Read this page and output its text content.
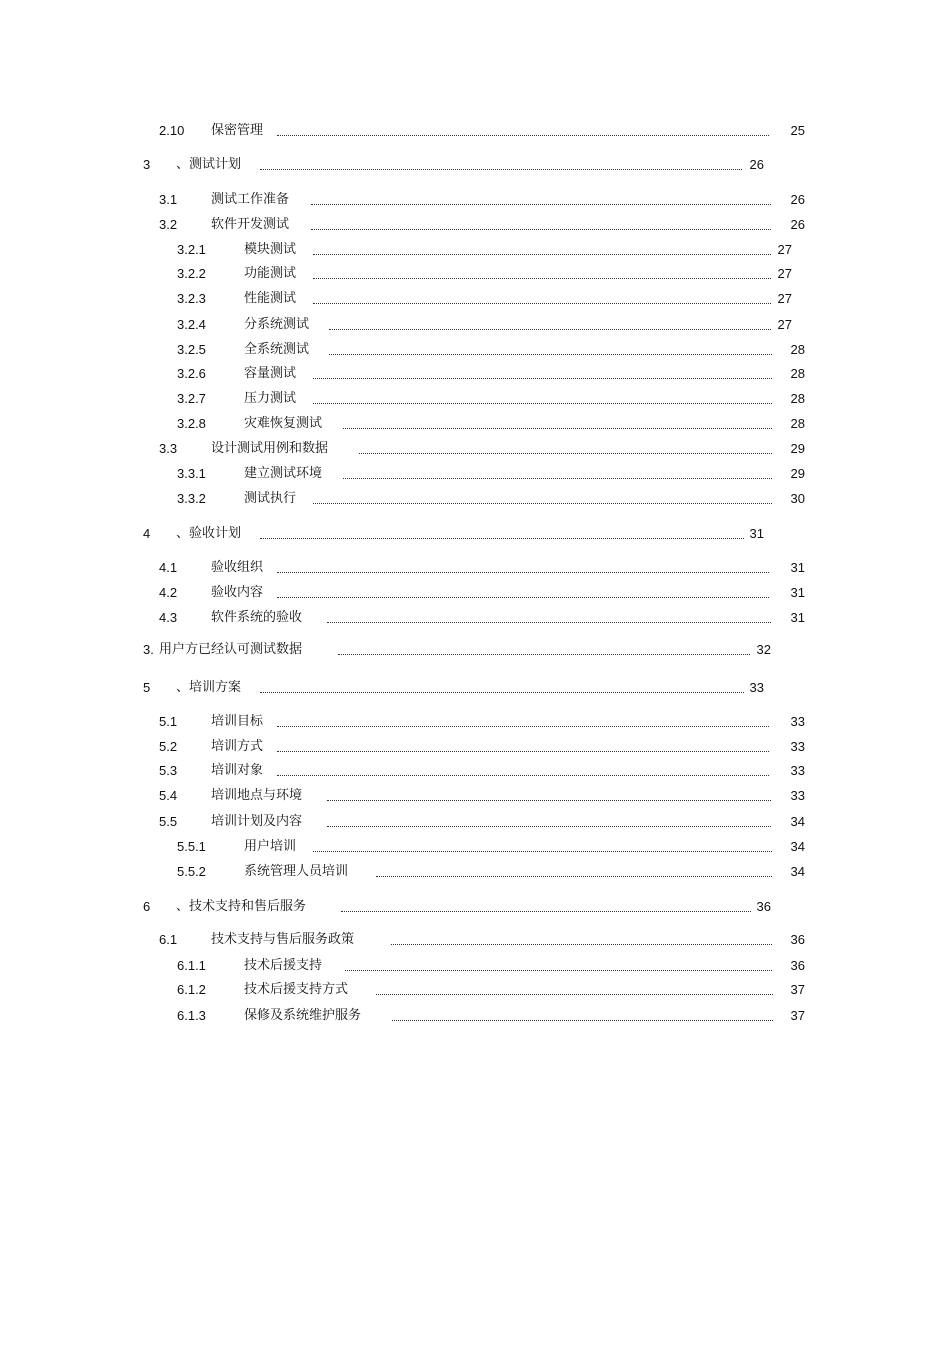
2.10 保密管理	25
3 、测试计划	26
3.1	测试工作准备	26
3.2	软件开发测试	26
3.2.1	模块测试	27
3.2.2	功能测试	27
3.2.3	性能测试	27
3.2.4	分系统测试	27
3.2.5	全系统测试	28
3.2.6	容量测试	28
3.2.7	压力测试	28
3.2.8	灾难恢复测试	28
3.3	设计测试用例和数据	29
3.3.1	建立测试环境	29
3.3.2	测试执行	30
4 、验收计划	31
4.1	验收组织	31
4.2	验收内容	31
4.3	软件系统的验收	31
3. 用户方已经认可测试数据	32
5 、培训方案	33
5.1	培训目标	33
5.2	培训方式	33
5.3	培训对象	33
5.4	培训地点与环境	33
5.5	培训计划及内容	34
5.5.1	用户培训	34
5.5.2	系统管理人员培训	34
6 、技术支持和售后服务	36
6.1	技术支持与售后服务政策	36
6.1.1	技术后援支持	36
6.1.2	技术后援支持方式	37
6.1.3	保修及系统维护服务	37
